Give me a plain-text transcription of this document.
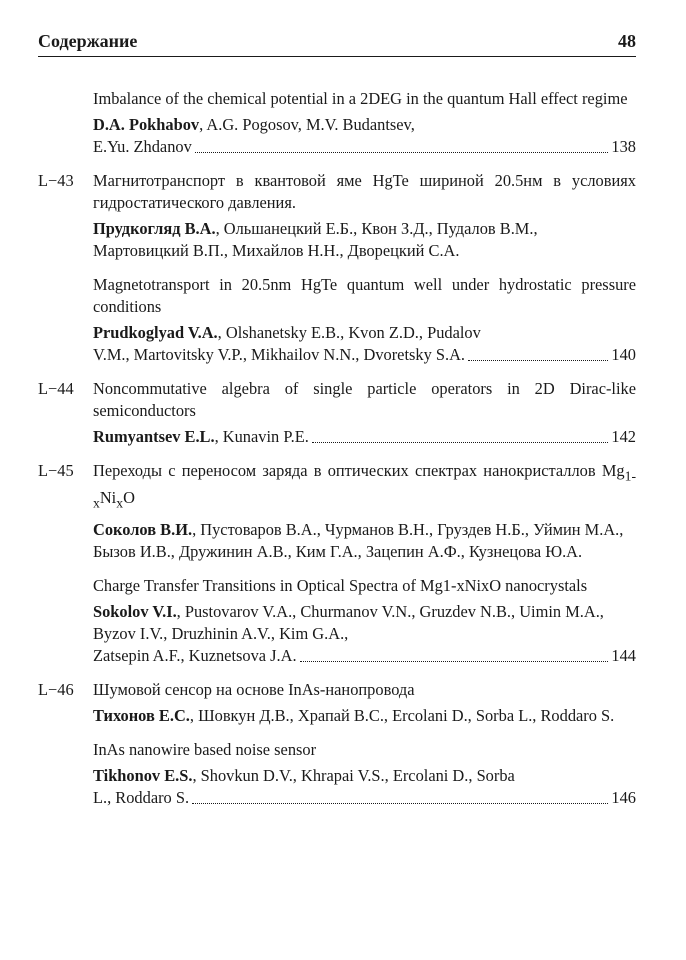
Содержание	48
Imbalance of the chemical potential in a 2DEG in the quantum Hall effect regime
D.A. Pokhabov, A.G. Pogosov, M.V. Budantsev,
E.Yu. Zhdanov	138
L−43	Магнитотранспорт в квантовой яме HgTe шириной 20.5нм в условиях гидростатического давления.
Прудкогляд В.А., Ольшанецкий Е.Б., Квон З.Д., Пудалов В.М., Мартовицкий В.П., Михайлов Н.Н., Дворецкий С.А.
Magnetotransport in 20.5nm HgTe quantum well under hydrostatic pressure conditions
Prudkoglyad V.A., Olshanetsky E.B., Kvon Z.D., Pudalov
V.M., Martovitsky V.P., Mikhailov N.N., Dvoretsky S.A.	140
L−44	Noncommutative algebra of single particle operators in 2D Dirac-like semiconductors
Rumyantsev E.L., Kunavin P.E.	142
L−45	Переходы с переносом заряда в оптических спектрах нанокристаллов $Mg_{1-x}Ni_xO$
Соколов В.И., Пустоваров В.А., Чурманов В.Н., Груздев Н.Б., Уймин М.А., Бызов И.В., Дружинин А.В., Ким Г.А., Зацепин А.Ф., Кузнецова Ю.А.
Charge Transfer Transitions in Optical Spectra of Mg1-xNixO nanocrystals
Sokolov V.I., Pustovarov V.A., Churmanov V.N., Gruzdev N.B., Uimin M.A., Byzov I.V., Druzhinin A.V., Kim G.A.,
Zatsepin A.F., Kuznetsova J.A.	144
L−46	Шумовой сенсор на основе InAs-нанопровода
Тихонов Е.С., Шовкун Д.В., Храпай В.С., Ercolani D., Sorba L., Roddaro S.
InAs nanowire based noise sensor
Tikhonov E.S., Shovkun D.V., Khrapai V.S., Ercolani D., Sorba
L., Roddaro S.	146
